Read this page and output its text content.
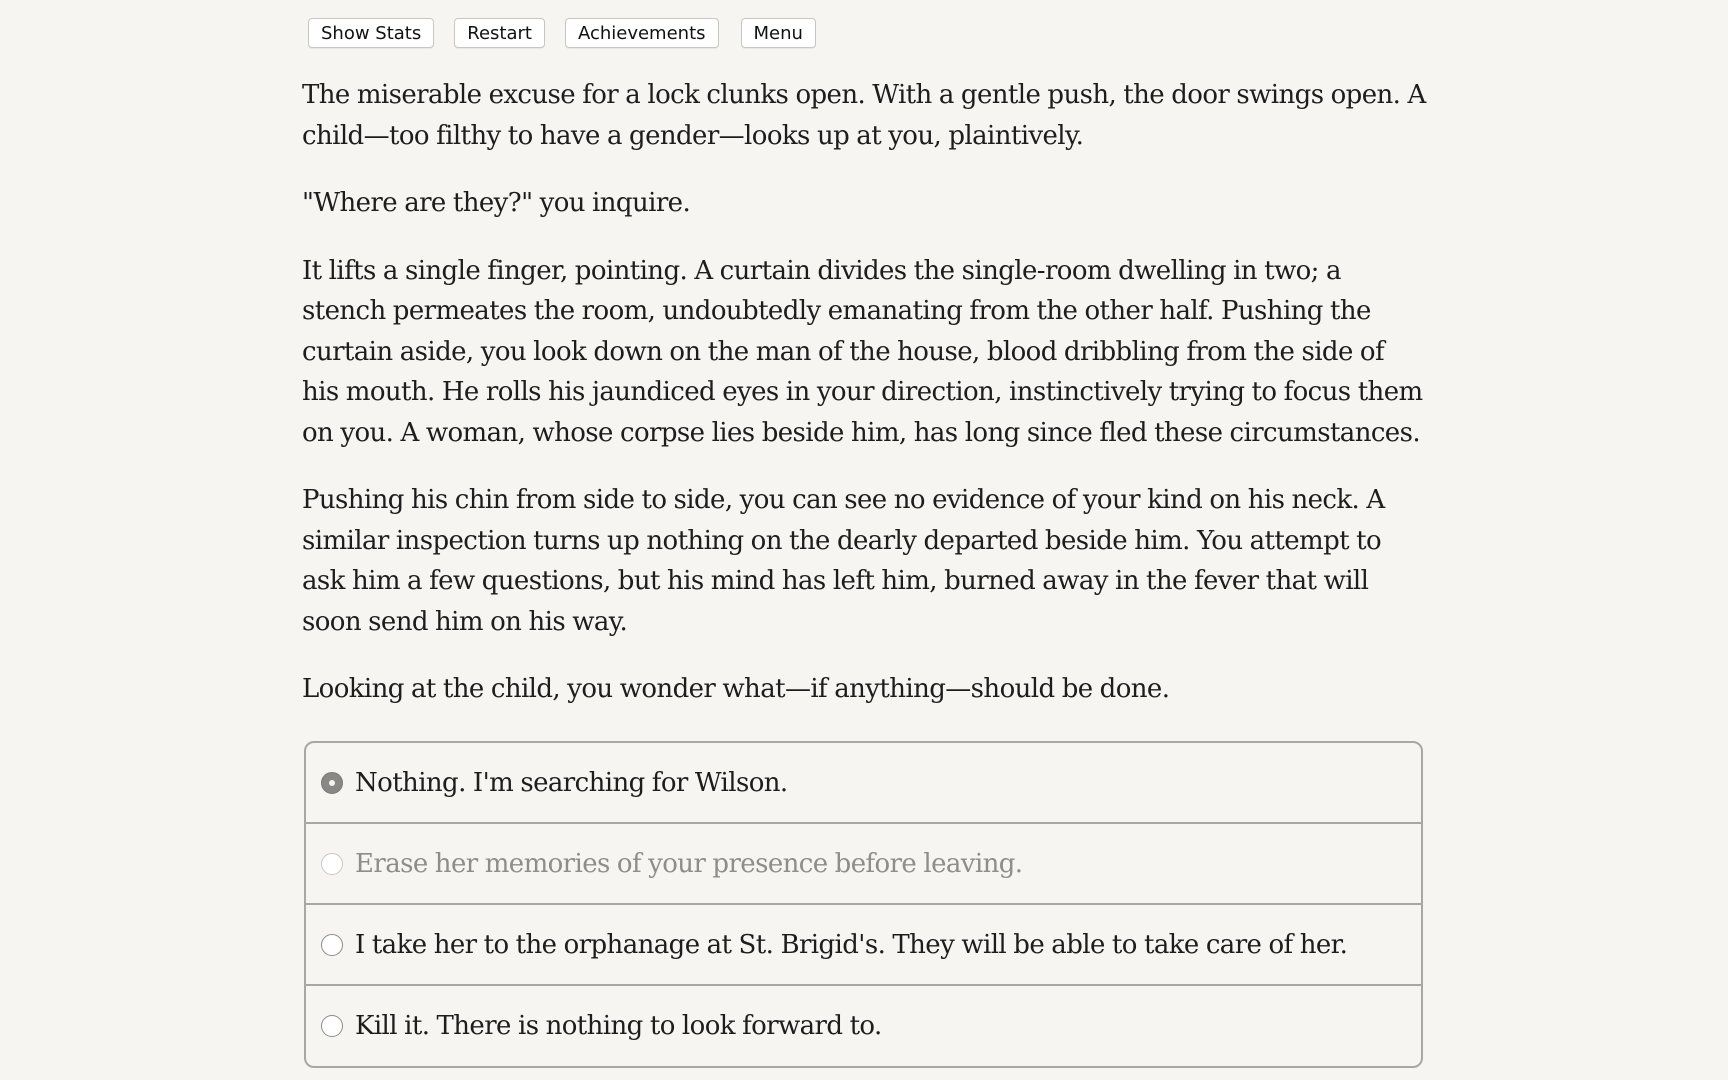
Show Stats	Restart	Achievements	Menu

The miserable excuse for a lock clunks open. With a gentle push, the door swings open. A child—too filthy to have a gender—looks up at you, plaintively.

"Where are they?" you inquire.

It lifts a single finger, pointing. A curtain divides the single-room dwelling in two; a stench permeates the room, undoubtedly emanating from the other half. Pushing the curtain aside, you look down on the man of the house, blood dribbling from the side of his mouth. He rolls his jaundiced eyes in your direction, instinctively trying to focus them on you. A woman, whose corpse lies beside him, has long since fled these circumstances.

Pushing his chin from side to side, you can see no evidence of your kind on his neck. A similar inspection turns up nothing on the dearly departed beside him. You attempt to ask him a few questions, but his mind has left him, burned away in the fever that will soon send him on his way.

Looking at the child, you wonder what—if anything—should be done.

Nothing. I'm searching for Wilson.
Erase her memories of your presence before leaving.
I take her to the orphanage at St. Brigid's. They will be able to take care of her.
Kill it. There is nothing to look forward to.
